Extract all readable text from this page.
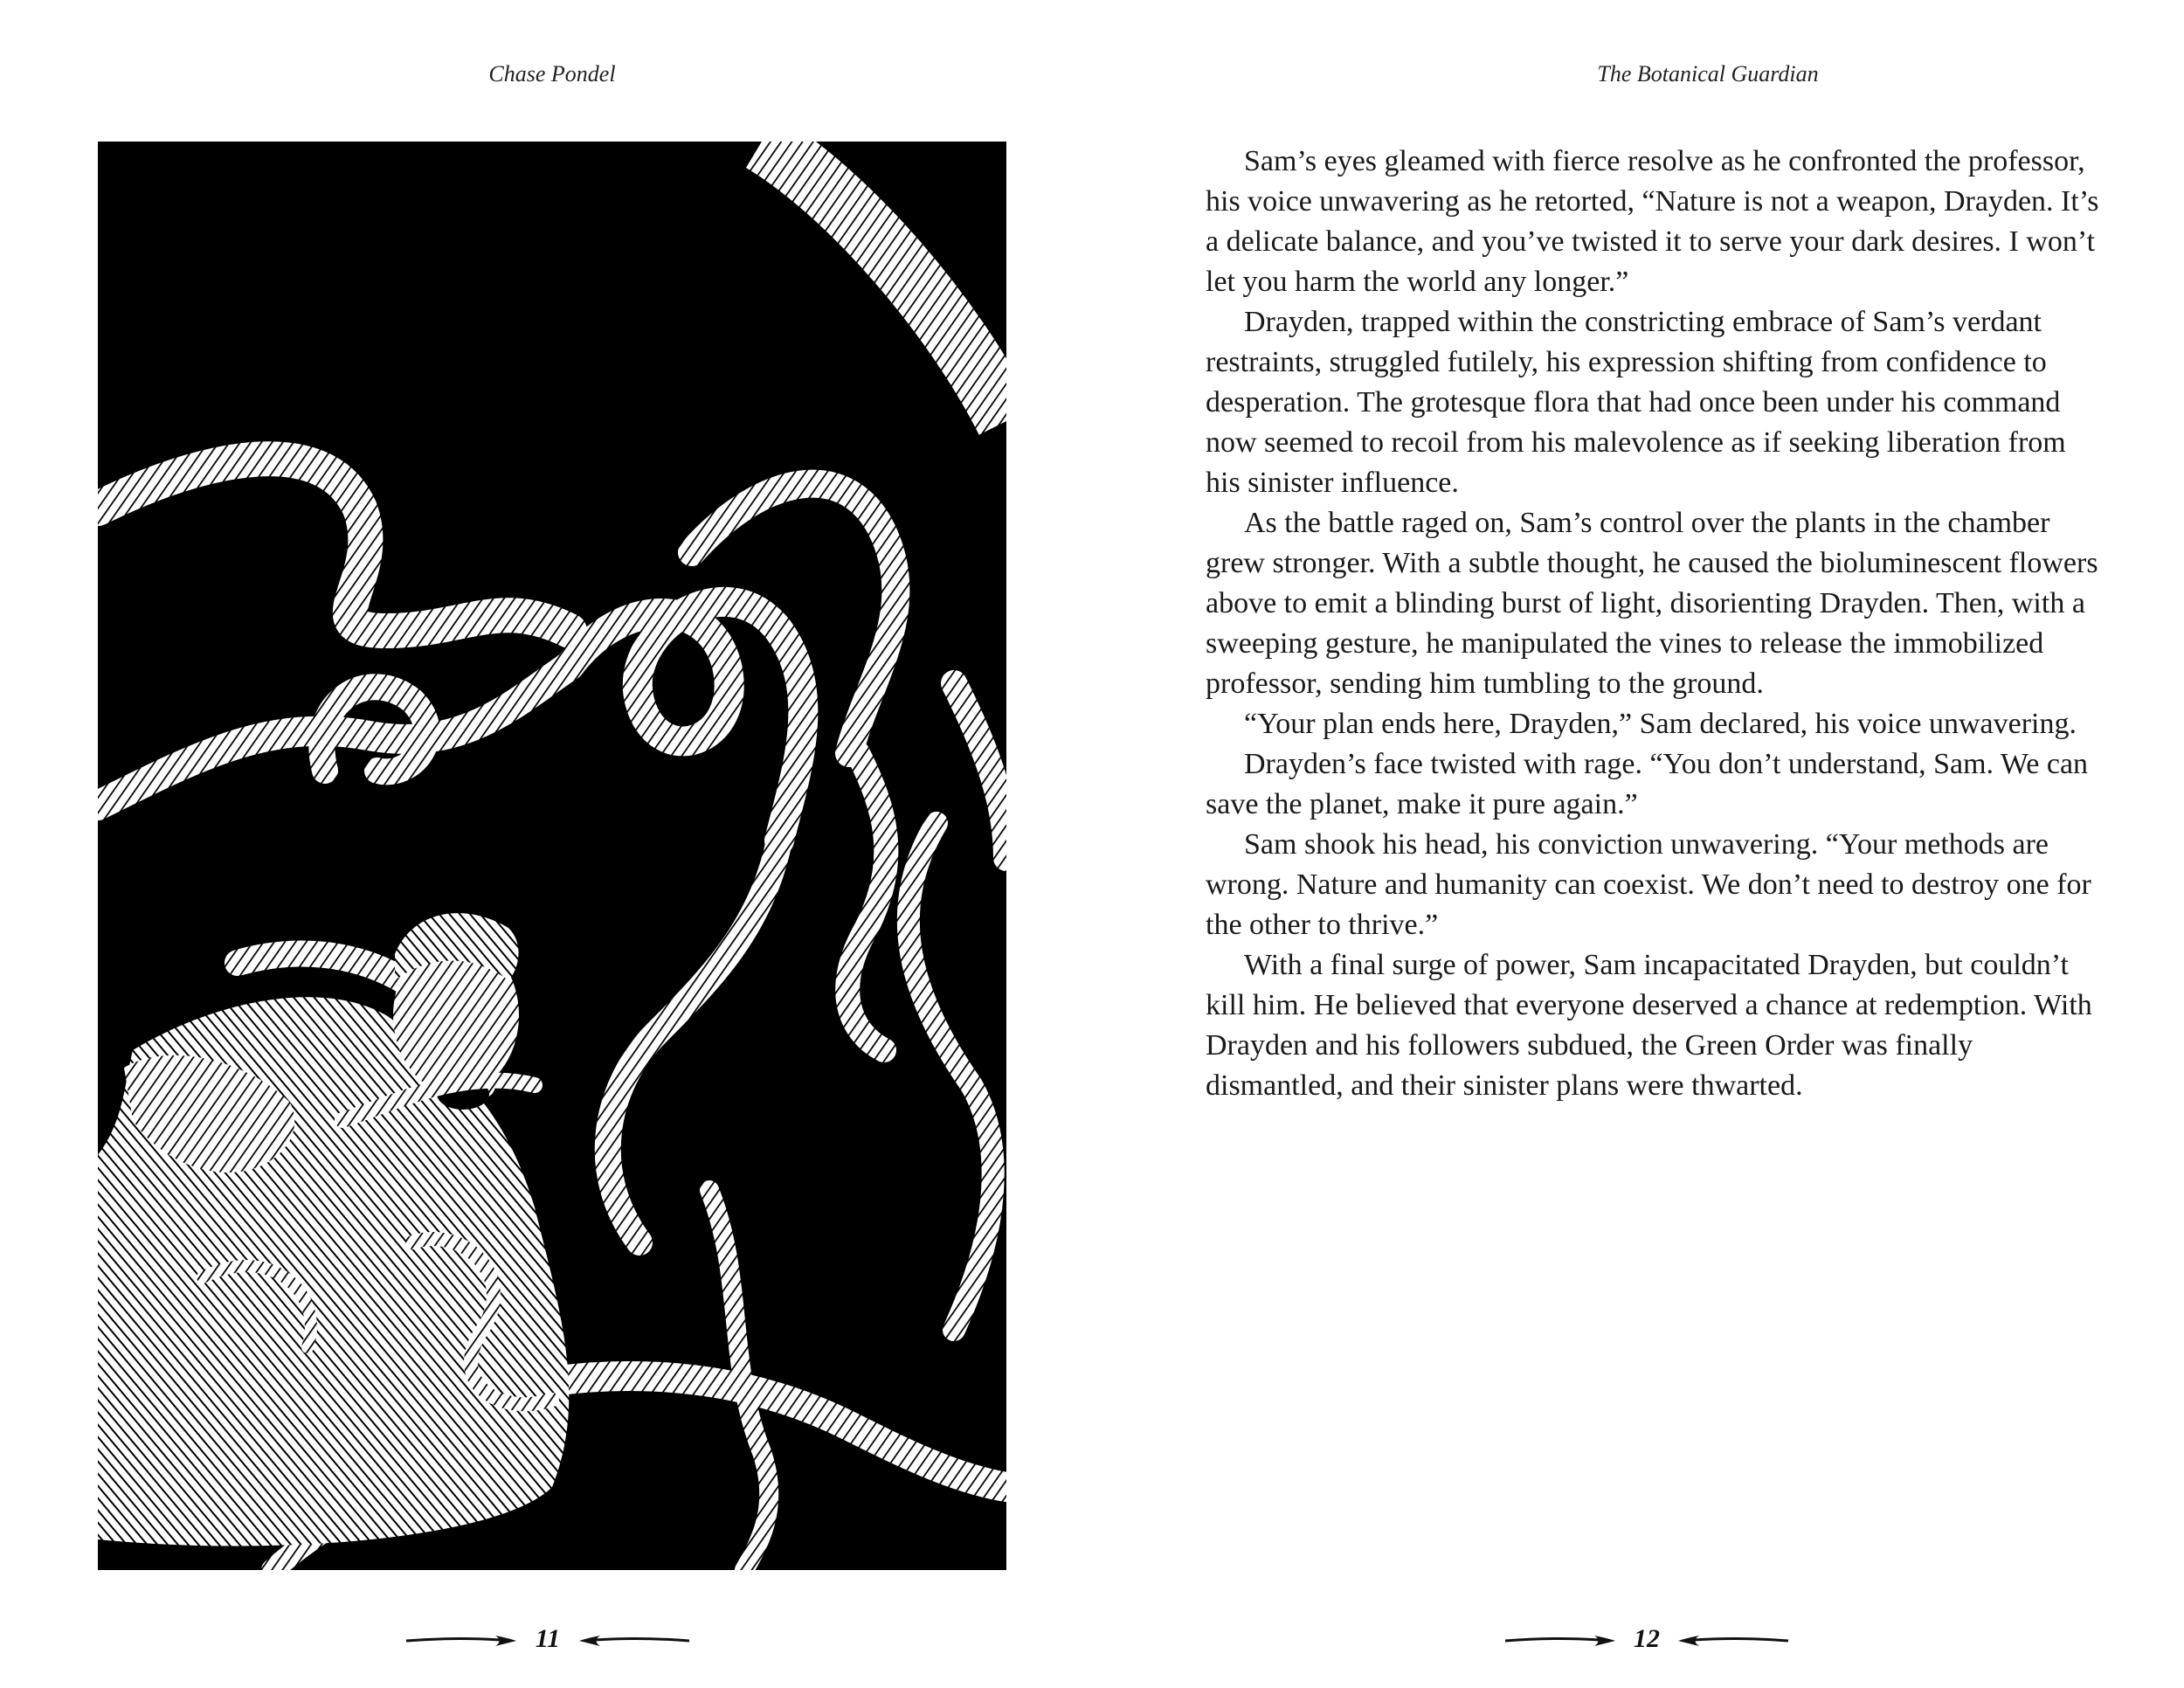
Chase Pondel
11
The Botanical Guardian

Sam’s eyes gleamed with fierce resolve as he confronted the professor, his voice unwavering as he retorted, “Nature is not a weapon, Drayden. It’s a delicate balance, and you’ve twisted it to serve your dark desires. I won’t let you harm the world any longer.”

Drayden, trapped within the constricting embrace of Sam’s verdant restraints, struggled futilely, his expression shifting from confidence to desperation. The grotesque flora that had once been under his command now seemed to recoil from his malevolence as if seeking liberation from his sinister influence.

As the battle raged on, Sam’s control over the plants in the chamber grew stronger. With a subtle thought, he caused the bioluminescent flowers above to emit a blinding burst of light, disorienting Drayden. Then, with a sweeping gesture, he manipulated the vines to release the immobilized professor, sending him tumbling to the ground.

“Your plan ends here, Drayden,” Sam declared, his voice unwavering.

Drayden’s face twisted with rage. “You don’t understand, Sam. We can save the planet, make it pure again.”

Sam shook his head, his conviction unwavering. “Your methods are wrong. Nature and humanity can coexist. We don’t need to destroy one for the other to thrive.”

With a final surge of power, Sam incapacitated Drayden, but couldn’t kill him. He believed that everyone deserved a chance at redemption. With Drayden and his followers subdued, the Green Order was finally dismantled, and their sinister plans were thwarted.

12
